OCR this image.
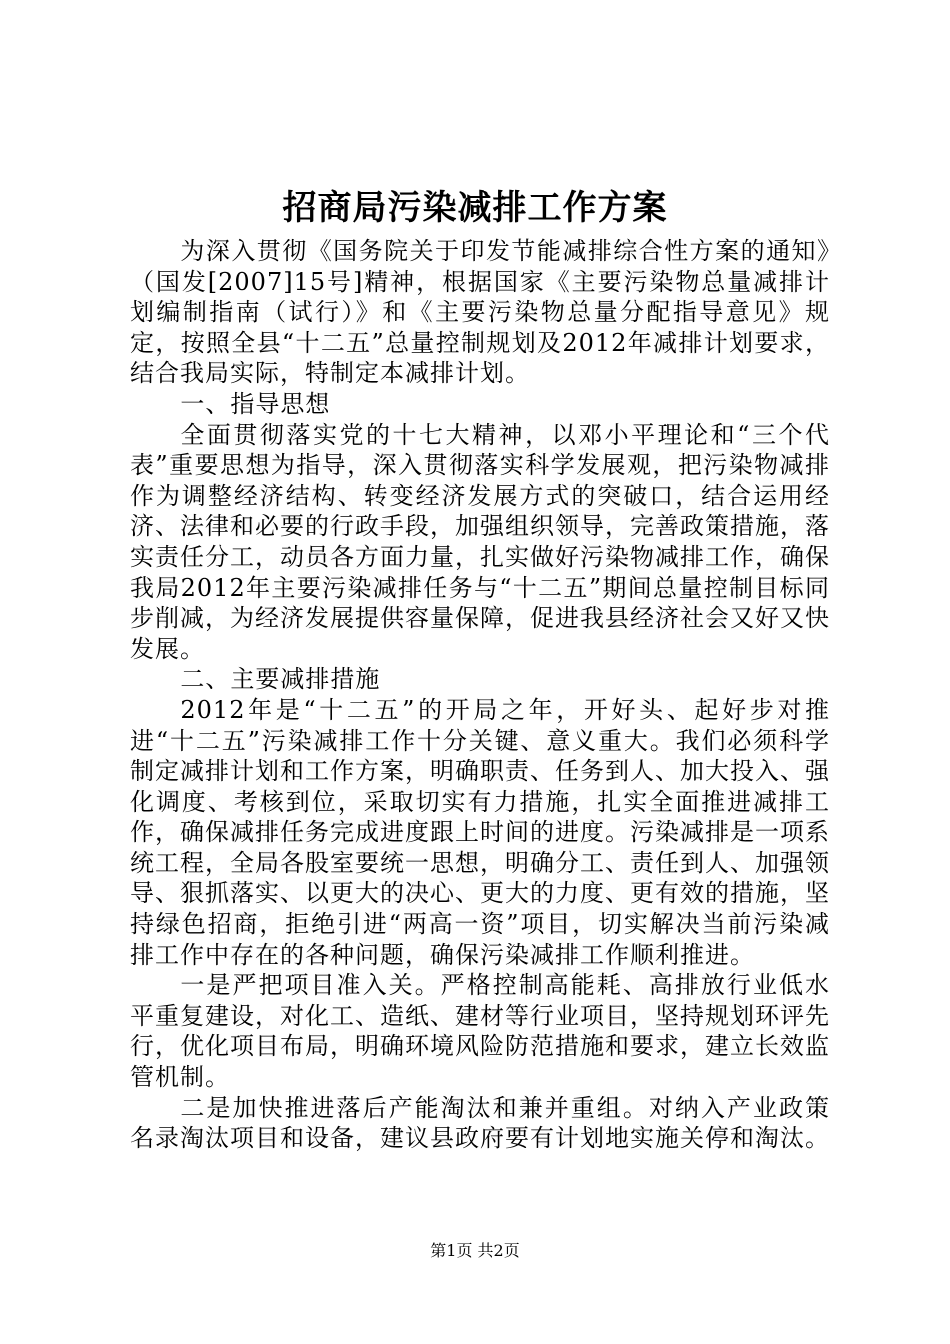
招商局污染减排工作方案

为深入贯彻《国务院关于印发节能减排综合性方案的通知》（国发[2007]15号]精神，根据国家《主要污染物总量减排计划编制指南（试行）》和《主要污染物总量分配指导意见》规定，按照全县“十二五”总量控制规划及2012年减排计划要求，结合我局实际，特制定本减排计划。

一、指导思想

全面贯彻落实党的十七大精神，以邓小平理论和“三个代表”重要思想为指导，深入贯彻落实科学发展观，把污染物减排作为调整经济结构、转变经济发展方式的突破口，结合运用经济、法律和必要的行政手段，加强组织领导，完善政策措施，落实责任分工，动员各方面力量，扎实做好污染物减排工作，确保我局2012年主要污染减排任务与“十二五”期间总量控制目标同步削减，为经济发展提供容量保障，促进我县经济社会又好又快发展。

二、主要减排措施

2012年是“十二五”的开局之年，开好头、起好步对推进“十二五”污染减排工作十分关键、意义重大。我们必须科学制定减排计划和工作方案，明确职责、任务到人、加大投入、强化调度、考核到位，采取切实有力措施，扎实全面推进减排工作，确保减排任务完成进度跟上时间的进度。污染减排是一项系统工程，全局各股室要统一思想，明确分工、责任到人、加强领导、狠抓落实、以更大的决心、更大的力度、更有效的措施，坚持绿色招商，拒绝引进“两高一资”项目，切实解决当前污染减排工作中存在的各种问题，确保污染减排工作顺利推进。

一是严把项目准入关。严格控制高能耗、高排放行业低水平重复建设，对化工、造纸、建材等行业项目，坚持规划环评先行，优化项目布局，明确环境风险防范措施和要求，建立长效监管机制。

二是加快推进落后产能淘汰和兼并重组。对纳入产业政策名录淘汰项目和设备，建议县政府要有计划地实施关停和淘汰。

第1页 共2页
